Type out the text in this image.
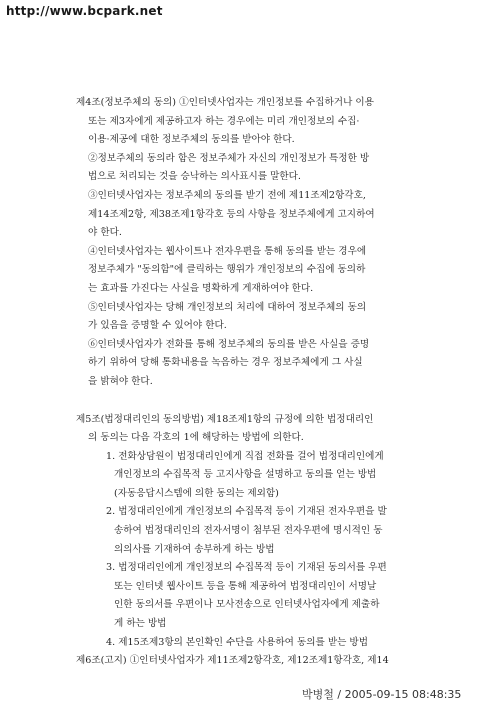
http://www.bcpark.net
제4조(정보주체의 동의) ①인터넷사업자는 개인정보를 수집하거나 이용
또는 제3자에게 제공하고자 하는 경우에는 미리 개인정보의 수집·
이용·제공에 대한 정보주체의 동의를 받아야 한다.
②정보주체의 동의라 함은 정보주체가 자신의 개인정보가 특정한 방
법으로 처리되는 것을 승낙하는 의사표시를 말한다.
③인터넷사업자는 정보주체의 동의를 받기 전에 제11조제2항각호,
제14조제2항, 제38조제1항각호 등의 사항을 정보주체에게 고지하여
야 한다.
④인터넷사업자는 웹사이트나 전자우편을 통해 동의를 받는 경우에
정보주체가 "동의함"에 클릭하는 행위가 개인정보의 수집에 동의하
는 효과를 가진다는 사실을 명확하게 게재하여야 한다.
⑤인터넷사업자는 당해 개인정보의 처리에 대하여 정보주체의 동의
가 있음을 증명할 수 있어야 한다.
⑥인터넷사업자가 전화를 통해 정보주체의 동의를 받은 사실을 증명
하기 위하여 당해 통화내용을 녹음하는 경우 정보주체에게 그 사실
을 밝혀야 한다.
제5조(법정대리인의 동의방법) 제18조제1항의 규정에 의한 법정대리인
의 동의는 다음 각호의 1에 해당하는 방법에 의한다.
1. 전화상담원이 법정대리인에게 직접 전화를 걸어 법정대리인에게
개인정보의 수집목적 등 고지사항을 설명하고 동의를 얻는 방법
(자동응답시스템에 의한 동의는 제외함)
2. 법정대리인에게 개인정보의 수집목적 등이 기재된 전자우편을 발
송하여 법정대리인의 전자서명이 첨부된 전자우편에 명시적인 동
의의사를 기재하여 송부하게 하는 방법
3. 법정대리인에게 개인정보의 수집목적 등이 기재된 동의서를 우편
또는 인터넷 웹사이트 등을 통해 제공하여 법정대리인이 서명날
인한 동의서를 우편이나 모사전송으로 인터넷사업자에게 제출하
게 하는 방법
4. 제15조제3항의 본인확인 수단을 사용하여 동의를 받는 방법
제6조(고지) ①인터넷사업자가 제11조제2항각호, 제12조제1항각호, 제14
박병철 / 2005-09-15 08:48:35
